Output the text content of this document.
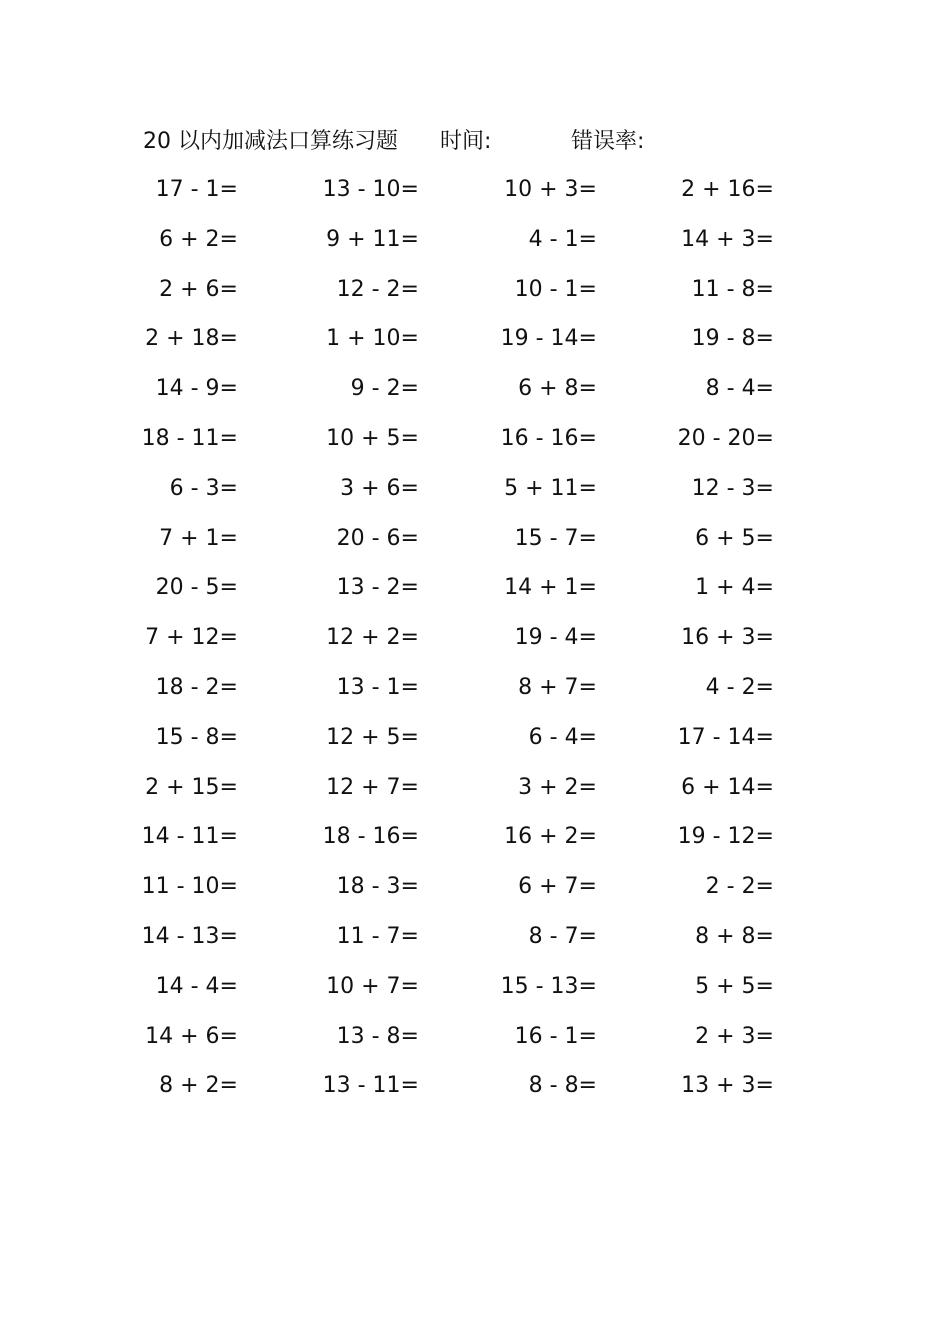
20 以内加减法口算练习题 时间:	错误率:
17 - 1=	13 - 10=	10 + 3=	2 + 16=
6 + 2=	9 + 11=	4 - 1=	14 + 3=
2 + 6=	12 - 2=	10 - 1=	11 - 8=
2 + 18=	1 + 10=	19 - 14=	19 - 8=
14 - 9=	9 - 2=	6 + 8=	8 - 4=
18 - 11=	10 + 5=	16 - 16=	20 - 20=
6 - 3=	3 + 6=	5 + 11=	12 - 3=
7 + 1=	20 - 6=	15 - 7=	6 + 5=
20 - 5=	13 - 2=	14 + 1=	1 + 4=
7 + 12=	12 + 2=	19 - 4=	16 + 3=
18 - 2=	13 - 1=	8 + 7=	4 - 2=
15 - 8=	12 + 5=	6 - 4=	17 - 14=
2 + 15=	12 + 7=	3 + 2=	6 + 14=
14 - 11=	18 - 16=	16 + 2=	19 - 12=
11 - 10=	18 - 3=	6 + 7=	2 - 2=
14 - 13=	11 - 7=	8 - 7=	8 + 8=
14 - 4=	10 + 7=	15 - 13=	5 + 5=
14 + 6=	13 - 8=	16 - 1=	2 + 3=
8 + 2=	13 - 11=	8 - 8=	13 + 3=
